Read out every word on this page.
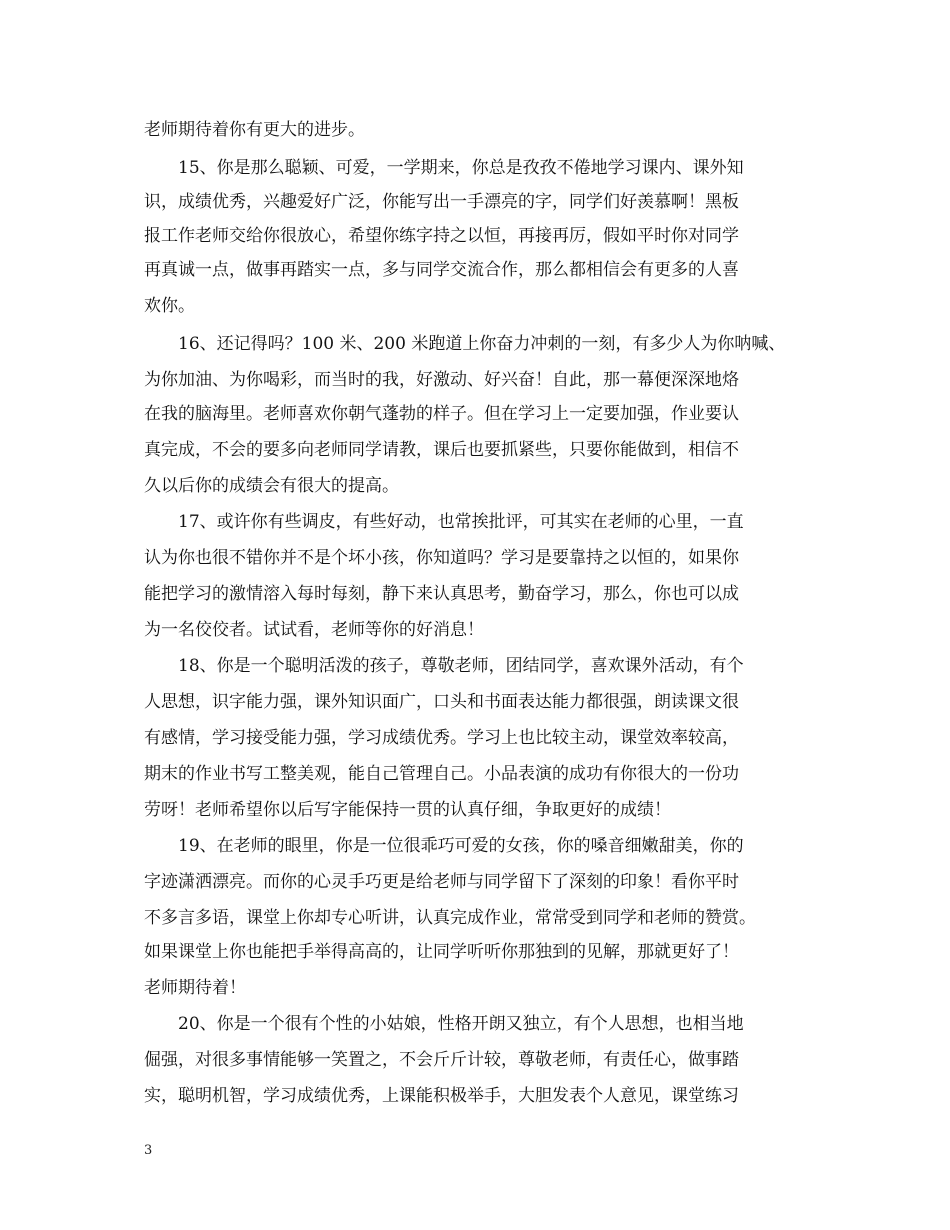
老师期待着你有更大的进步。
15、你是那么聪颖、可爱，一学期来，你总是孜孜不倦地学习课内、课外知
识，成绩优秀，兴趣爱好广泛，你能写出一手漂亮的字，同学们好羡慕啊！黑板
报工作老师交给你很放心，希望你练字持之以恒，再接再厉，假如平时你对同学
再真诚一点，做事再踏实一点，多与同学交流合作，那么都相信会有更多的人喜
欢你。
16、还记得吗？100 米、200 米跑道上你奋力冲刺的一刻，有多少人为你呐喊、
为你加油、为你喝彩，而当时的我，好激动、好兴奋！自此，那一幕便深深地烙
在我的脑海里。老师喜欢你朝气蓬勃的样子。但在学习上一定要加强，作业要认
真完成，不会的要多向老师同学请教，课后也要抓紧些，只要你能做到，相信不
久以后你的成绩会有很大的提高。
17、或许你有些调皮，有些好动，也常挨批评，可其实在老师的心里，一直
认为你也很不错你并不是个坏小孩，你知道吗？学习是要靠持之以恒的，如果你
能把学习的激情溶入每时每刻，静下来认真思考，勤奋学习，那么，你也可以成
为一名佼佼者。试试看，老师等你的好消息！
18、你是一个聪明活泼的孩子，尊敬老师，团结同学，喜欢课外活动，有个
人思想，识字能力强，课外知识面广，口头和书面表达能力都很强，朗读课文很
有感情，学习接受能力强，学习成绩优秀。学习上也比较主动，课堂效率较高，
期末的作业书写工整美观，能自己管理自己。小品表演的成功有你很大的一份功
劳呀！老师希望你以后写字能保持一贯的认真仔细，争取更好的成绩！
19、在老师的眼里，你是一位很乖巧可爱的女孩，你的嗓音细嫩甜美，你的
字迹潇洒漂亮。而你的心灵手巧更是给老师与同学留下了深刻的印象！看你平时
不多言多语，课堂上你却专心听讲，认真完成作业，常常受到同学和老师的赞赏。
如果课堂上你也能把手举得高高的，让同学听听你那独到的见解，那就更好了！
老师期待着！
20、你是一个很有个性的小姑娘，性格开朗又独立，有个人思想，也相当地
倔强，对很多事情能够一笑置之，不会斤斤计较，尊敬老师，有责任心，做事踏
实，聪明机智，学习成绩优秀，上课能积极举手，大胆发表个人意见，课堂练习
3
